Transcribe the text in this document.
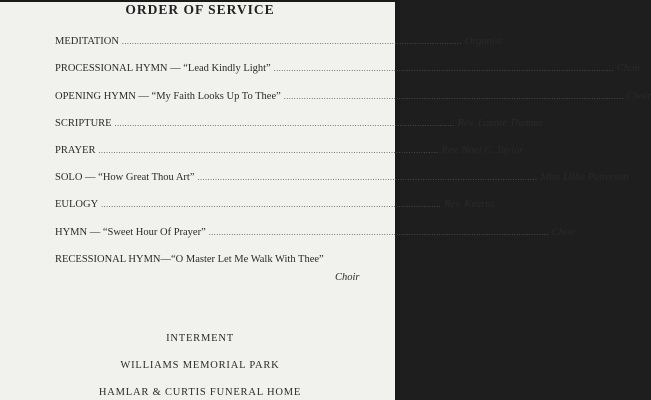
ORDER OF SERVICE
MEDITATION ........................................................................................................................................ Organist
PROCESSIONAL HYMN — “Lead Kindly Light” ........................................................................................................................................ Choir
OPENING HYMN — “My Faith Looks Up To Thee” ........................................................................................................................................ Choir
SCRIPTURE ........................................................................................................................................ Rev. Lonnie Thomas
PRAYER ........................................................................................................................................ Rev. Noel C. Taylor
SOLO — “How Great Thou Art” ........................................................................................................................................ Miss Lillie Patterson
EULOGY ........................................................................................................................................ Rev. Kearns
HYMN — “Sweet Hour Of Prayer” ........................................................................................................................................ Choir
RECESSIONAL HYMN—“O Master Let Me Walk With Thee”
Choir
INTERMENT
WILLIAMS MEMORIAL PARK
HAMLAR & CURTIS FUNERAL HOME
